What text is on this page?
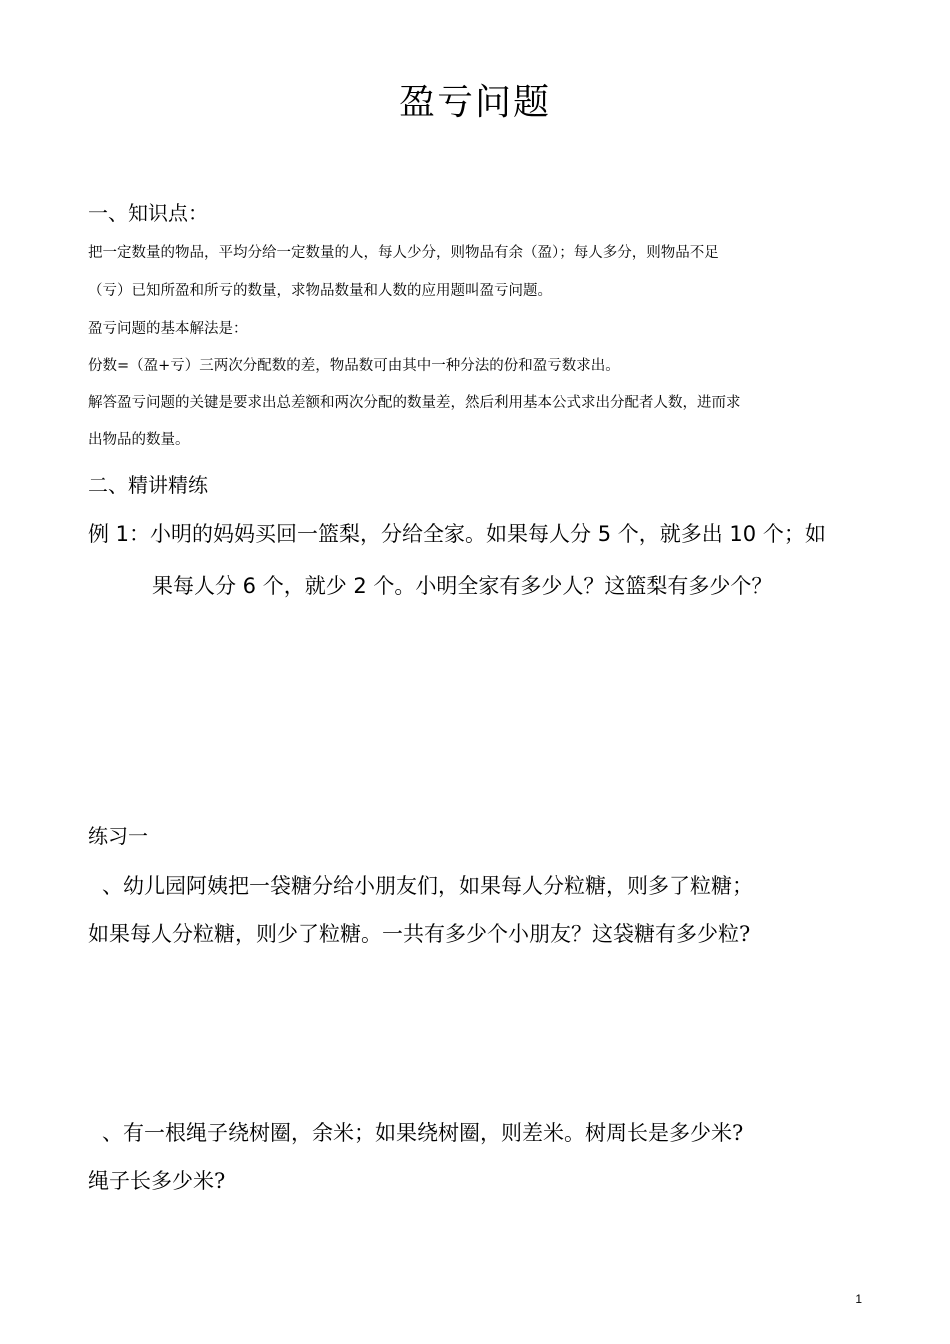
盈亏问题
一、知识点：
把一定数量的物品，平均分给一定数量的人，每人少分，则物品有余（盈）；每人多分，则物品不足
（亏）已知所盈和所亏的数量，求物品数量和人数的应用题叫盈亏问题。
盈亏问题的基本解法是：
份数=（盈+亏）三两次分配数的差，物品数可由其中一种分法的份和盈亏数求出。
解答盈亏问题的关键是要求出总差额和两次分配的数量差，然后利用基本公式求出分配者人数，进而求
出物品的数量。
二、精讲精练
例 1：小明的妈妈买回一篮梨，分给全家。如果每人分 5 个，就多出 10 个；如
果每人分 6 个，就少 2 个。小明全家有多少人？这篮梨有多少个？
练习一
、幼儿园阿姨把一袋糖分给小朋友们，如果每人分粒糖，则多了粒糖；
如果每人分粒糖，则少了粒糖。一共有多少个小朋友？这袋糖有多少粒?
、有一根绳子绕树圈，余米；如果绕树圈，则差米。树周长是多少米?
绳子长多少米?
1
